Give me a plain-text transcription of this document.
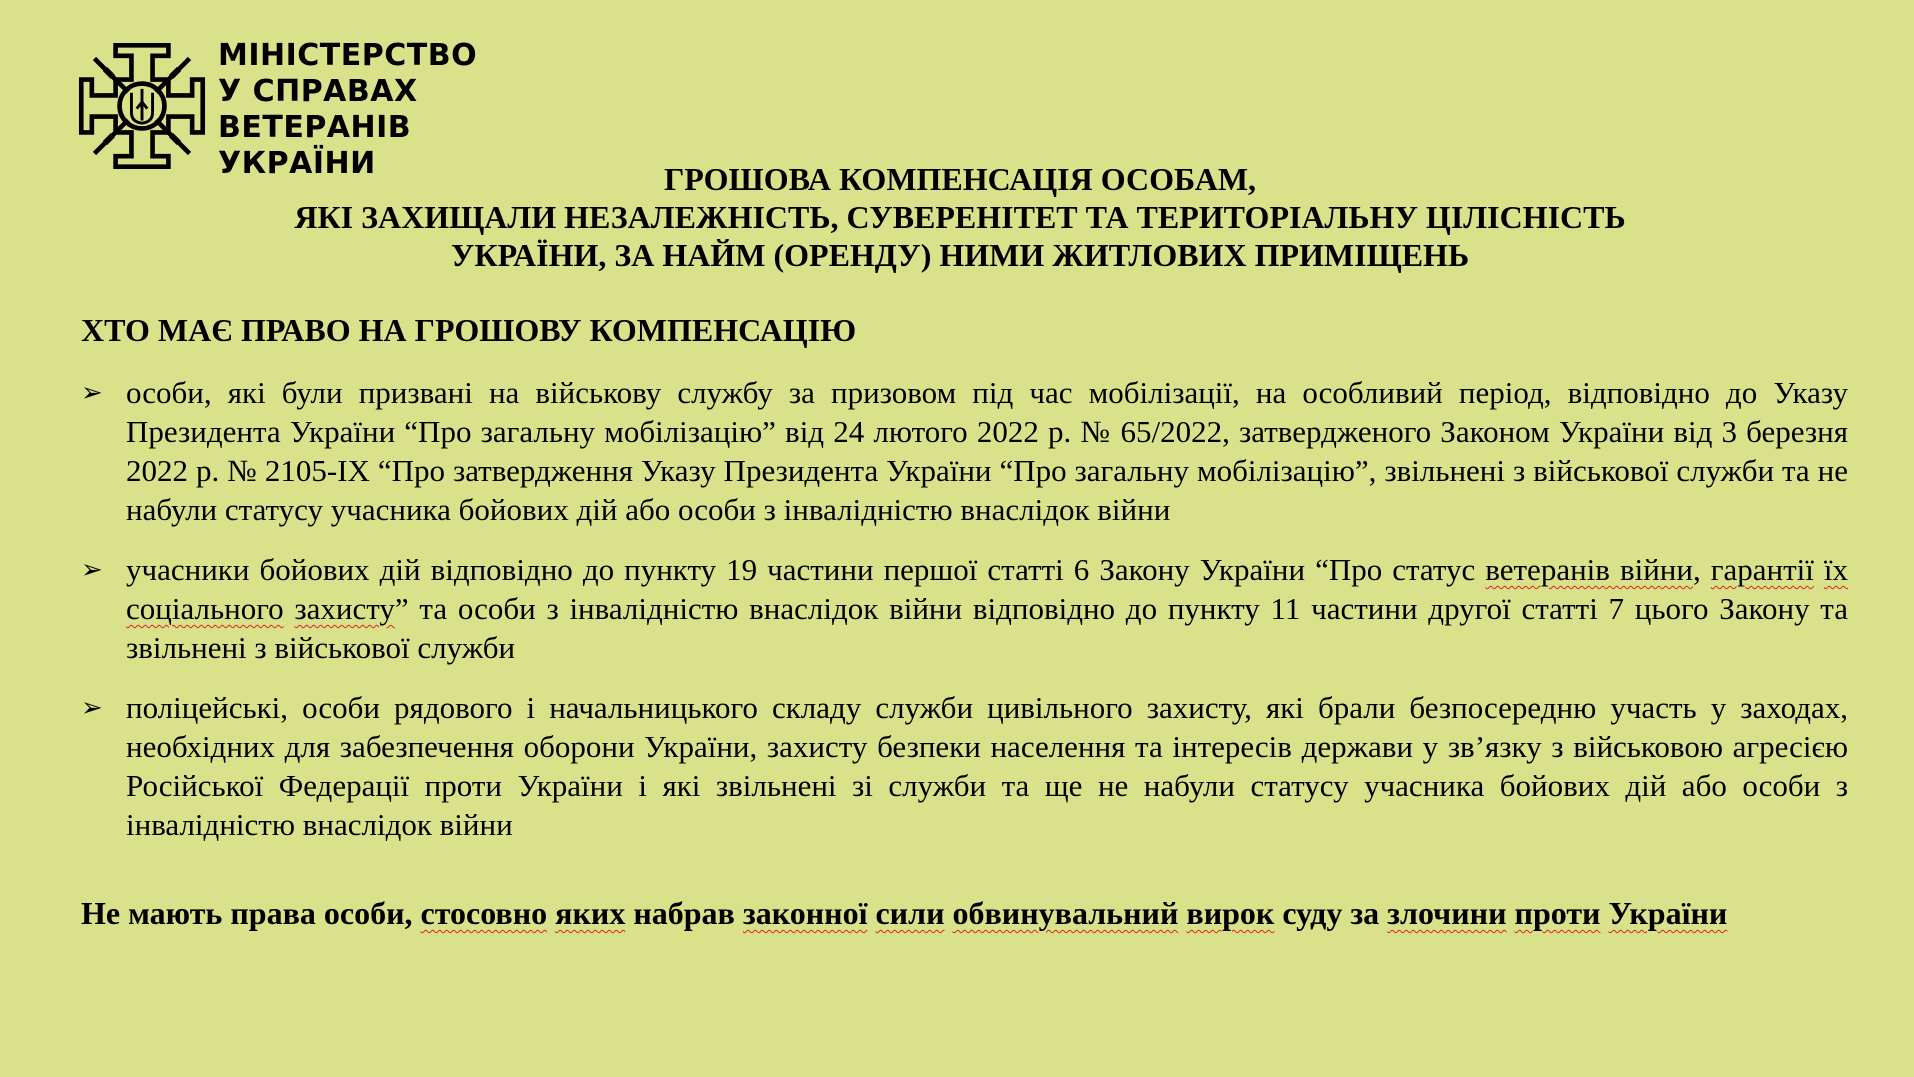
МІНІСТЕРСТВО
У СПРАВАХ
ВЕТЕРАНІВ
УКРАЇНИ	ГРОШОВА КОМПЕНСАЦІЯ ОСОБАМ,
ЯКІ ЗАХИЩАЛИ НЕЗАЛЕЖНІСТЬ, СУВЕРЕНІТЕТ ТА ТЕРИТОРІАЛЬНУ ЦІЛІСНІСТЬ
УКРАЇНИ, ЗА НАЙМ (ОРЕНДУ) НИМИ ЖИТЛОВИХ ПРИМІЩЕНЬ
ХТО МАЄ ПРАВО НА ГРОШОВУ КОМПЕНСАЦІЮ
➢ особи, які були призвані на військову службу за призовом під час мобілізації, на особливий період, відповідно до Указу Президента України “Про загальну мобілізацію” від 24 лютого 2022 р. № 65/2022, затвердженого Законом України від 3 березня 2022 р. № 2105-IX “Про затвердження Указу Президента України “Про загальну мобілізацію”, звільнені з військової служби та не набули статусу учасника бойових дій або особи з інвалідністю внаслідок війни
➢ учасники бойових дій відповідно до пункту 19 частини першої статті 6 Закону України “Про статус ветеранів війни, гарантії їх соціального захисту” та особи з інвалідністю внаслідок війни відповідно до пункту 11 частини другої статті 7 цього Закону та звільнені з військової служби
➢ поліцейські, особи рядового і начальницького складу служби цивільного захисту, які брали безпосередню участь у заходах, необхідних для забезпечення оборони України, захисту безпеки населення та інтересів держави у зв’язку з військовою агресією Російської Федерації проти України і які звільнені зі служби та ще не набули статусу учасника бойових дій або особи з інвалідністю внаслідок війни
Не мають права особи, стосовно яких набрав законної сили обвинувальний вирок суду за злочини проти України
